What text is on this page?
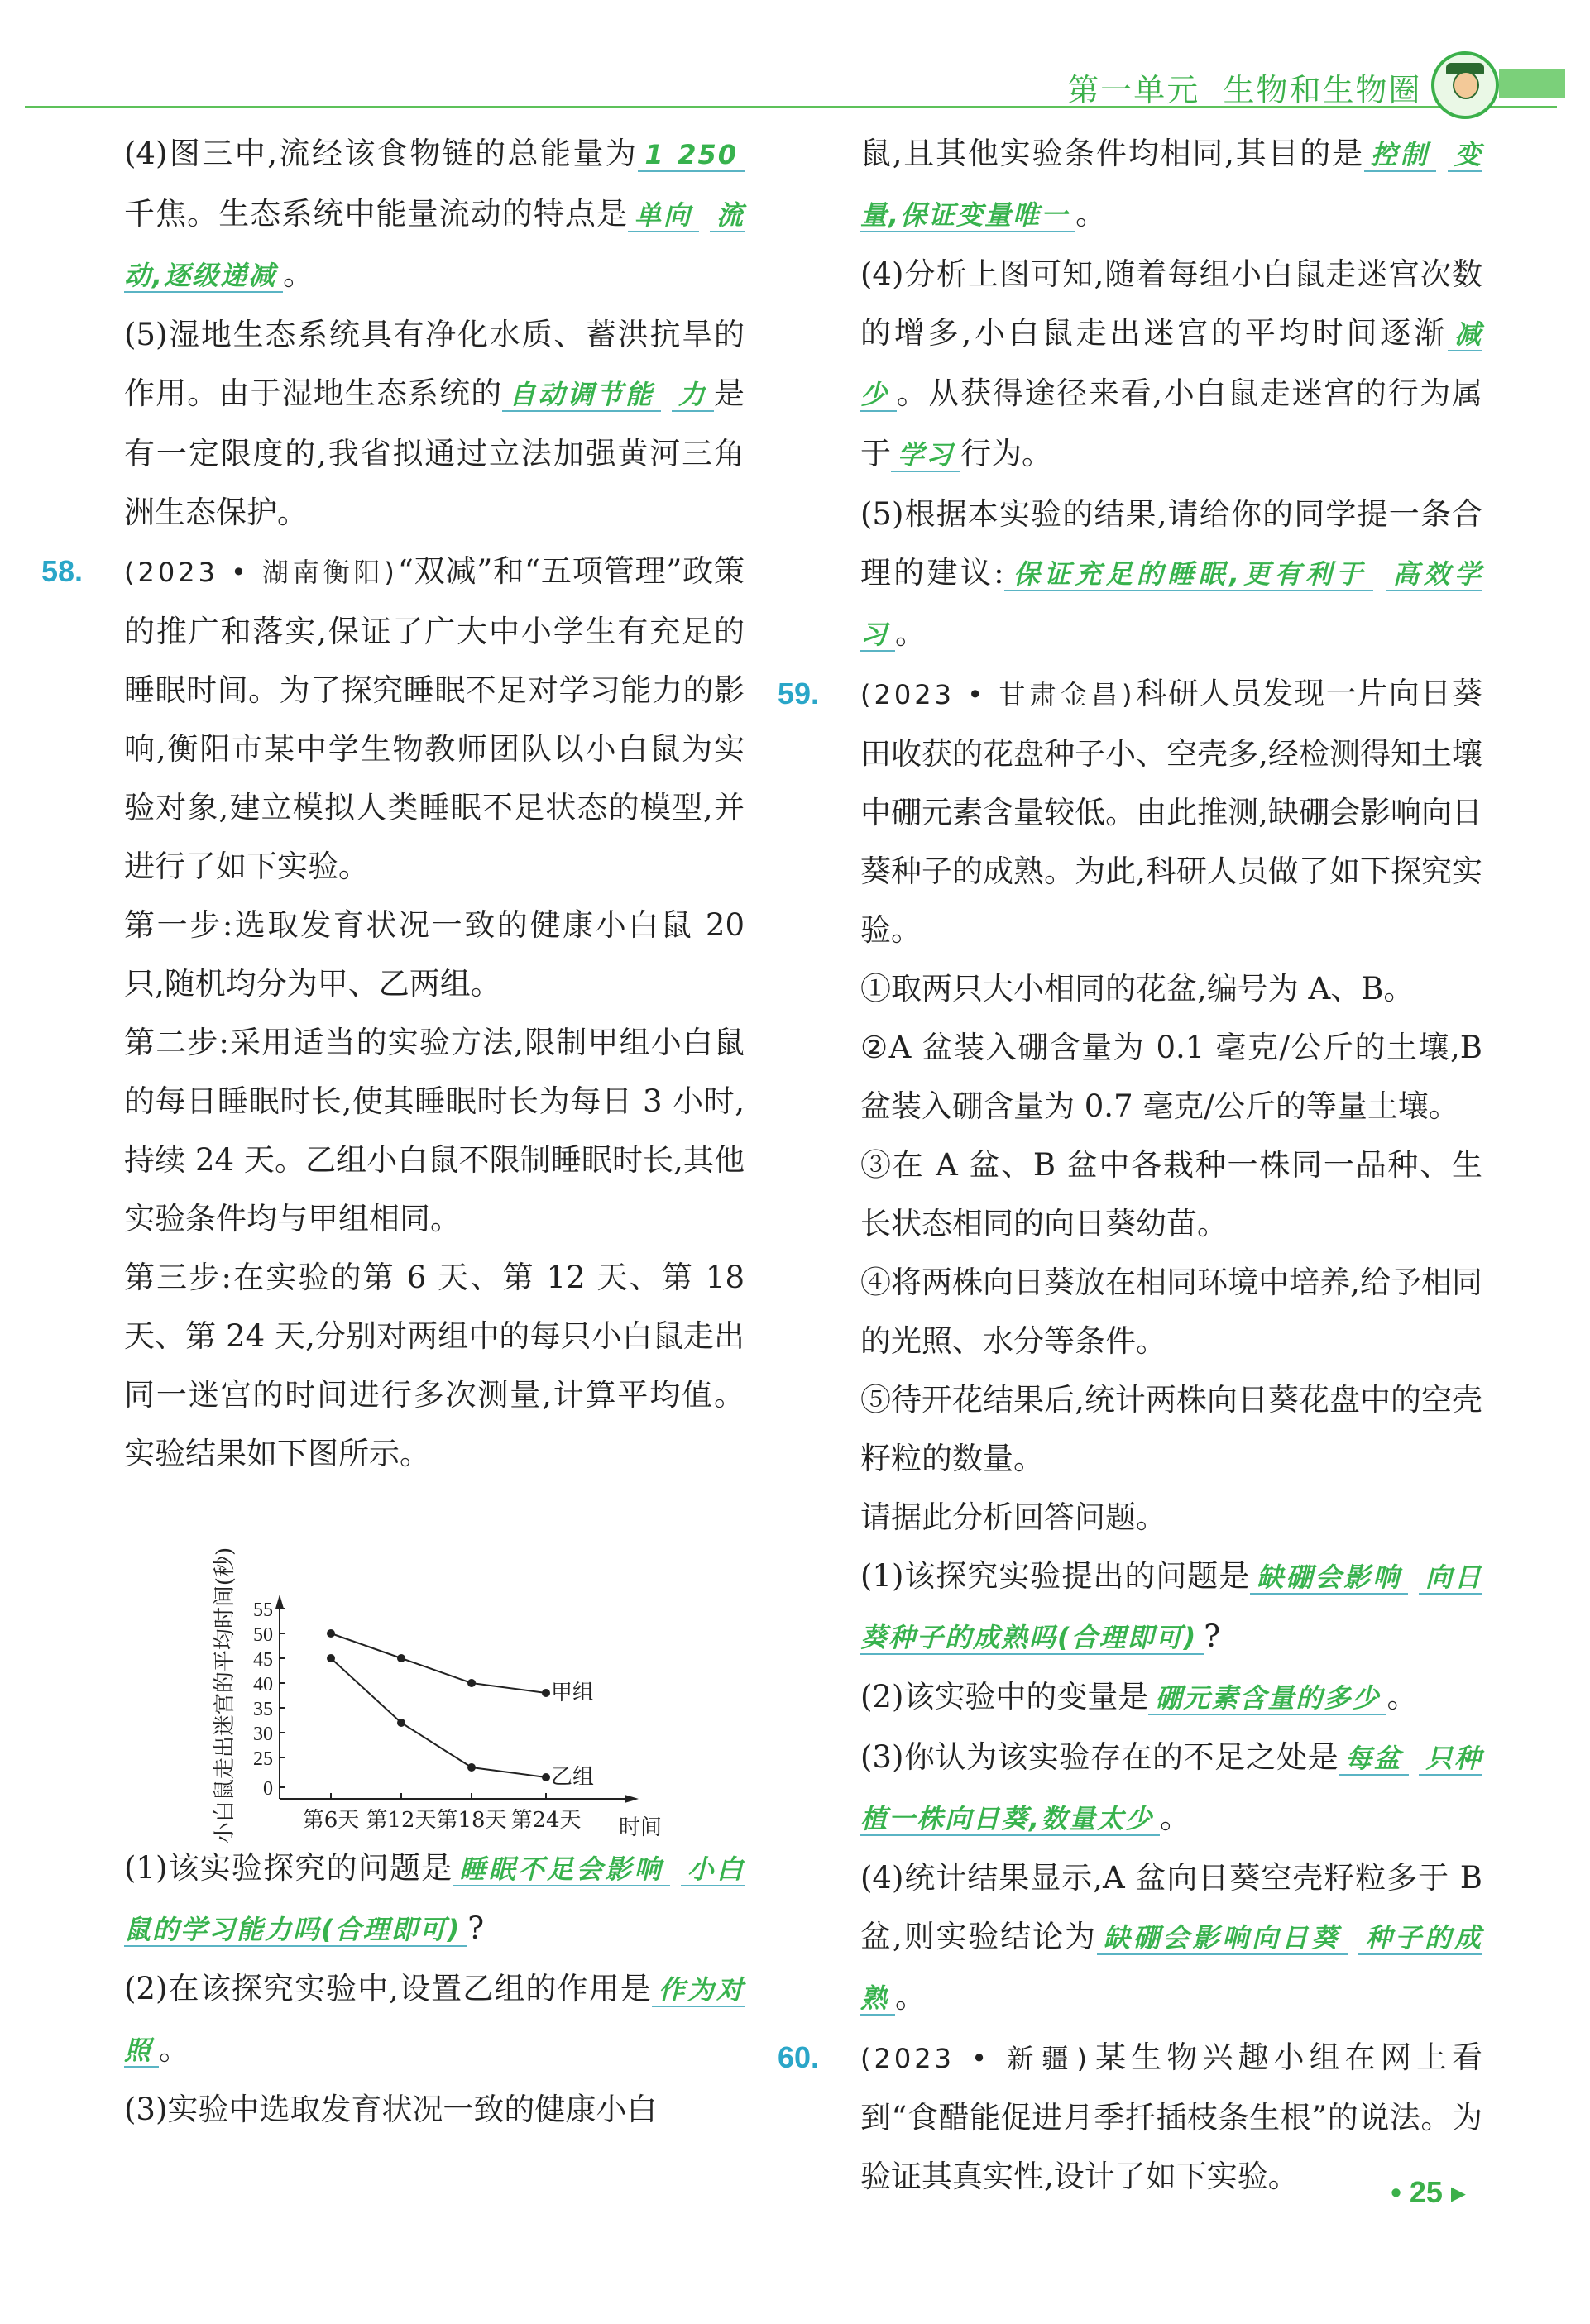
第一单元 生物和生物圈

(4)图三中,流经该食物链的总能量为 1 250 千焦。生态系统中能量流动的特点是 单向 流动,逐级递减 。

(5)湿地生态系统具有净化水质、蓄洪抗旱的作用。由于湿地生态系统的 自动调节能 力 是有一定限度的,我省拟通过立法加强黄河三角洲生态保护。

58. (2023 • 湖南衡阳)“双减”和“五项管理”政策的推广和落实,保证了广大中小学生有充足的睡眠时间。为了探究睡眠不足对学习能力的影响,衡阳市某中学生物教师团队以小白鼠为实验对象,建立模拟人类睡眠不足状态的模型,并进行了如下实验。

第一步:选取发育状况一致的健康小白鼠 20 只,随机均分为甲、乙两组。

第二步:采用适当的实验方法,限制甲组小白鼠的每日睡眠时长,使其睡眠时长为每日 3 小时,持续 24 天。乙组小白鼠不限制睡眠时长,其他实验条件均与甲组相同。

第三步:在实验的第 6 天、第 12 天、第 18 天、第 24 天,分别对两组中的每只小白鼠走出同一迷宫的时间进行多次测量,计算平均值。实验结果如下图所示。

(1)该实验探究的问题是 睡眠不足会影响 小白鼠的学习能力吗(合理即可) ?

(2)在该探究实验中,设置乙组的作用是 作为对照 。

(3)实验中选取发育状况一致的健康小白

小白鼠走出迷宫的平均时间(秒) 0
25
30
35
40
45
50
55
第6天 第12天 第18天 第24天
甲组
乙组
时间

鼠,且其他实验条件均相同,其目的是 控制 变量,保证变量唯一 。

(4)分析上图可知,随着每组小白鼠走迷宫次数的增多,小白鼠走出迷宫的平均时间逐渐 减少 。从获得途径来看,小白鼠走迷宫的行为属于 学习 行为。

(5)根据本实验的结果,请给你的同学提一条合理的建议: 保证充足的睡眠,更有利于 高效学习 。

59. (2023 • 甘肃金昌)科研人员发现一片向日葵田收获的花盘种子小、空壳多,经检测得知土壤中硼元素含量较低。由此推测,缺硼会影响向日葵种子的成熟。为此,科研人员做了如下探究实验。

①取两只大小相同的花盆,编号为 A、B。

②A 盆装入硼含量为 0.1 毫克/公斤的土壤,B 盆装入硼含量为 0.7 毫克/公斤的等量土壤。

③在 A 盆、B 盆中各栽种一株同一品种、生长状态相同的向日葵幼苗。

④将两株向日葵放在相同环境中培养,给予相同的光照、水分等条件。

⑤待开花结果后,统计两株向日葵花盘中的空壳籽粒的数量。

请据此分析回答问题。

(1)该探究实验提出的问题是 缺硼会影响 向日葵种子的成熟吗(合理即可) ?

(2)该实验中的变量是 硼元素含量的多少 。

(3)你认为该实验存在的不足之处是 每盆 只种植一株向日葵,数量太少 。

(4)统计结果显示,A 盆向日葵空壳籽粒多于 B 盆,则实验结论为 缺硼会影响向日葵 种子的成熟 。

60. (2023 • 新疆)某生物兴趣小组在网上看到“食醋能促进月季扦插枝条生根”的说法。为验证其真实性,设计了如下实验。	• 25 ▸
